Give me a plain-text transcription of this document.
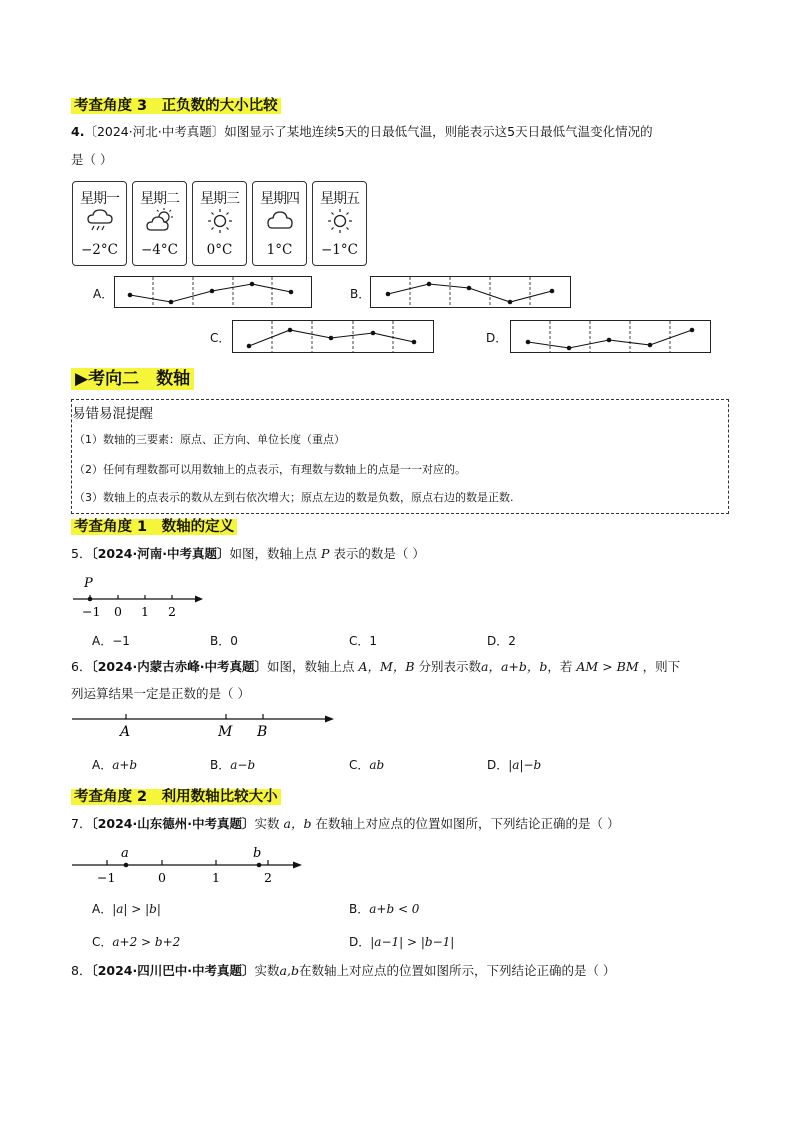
考查角度 3　 正负数的大小比较
4.〔2024·河北·中考真题〕如图显示了某地连续5天的日最低气温，则能表示这5天日最低气温变化情况的
是（ ）
星期一
−2°C
星期二
−4°C
星期三
0°C
星期四
1°C
星期五
−1°C
A．	B．
C．	D．
▶考向二　数轴
易错易混提醒
（1）数轴的三要素：原点、正方向、单位长度（重点）
（2）任何有理数都可以用数轴上的点表示，有理数与数轴上的点是一一对应的。
（3）数轴上的点表示的数从左到右依次增大；原点左边的数是负数，原点右边的数是正数.
考查角度 1　 数轴的定义
5．〔2024·河南·中考真题〕如图，数轴上点 P 表示的数是（ ）
P
−1 0 1 2
A．−1	B．0	C．1	D．2
6．〔2024·内蒙古赤峰·中考真题〕如图，数轴上点 A，M，B 分别表示数a，a+b，b，若 AM > BM ，则下
列运算结果一定是正数的是（ ）
A	M B
A．a+b	B．a−b	C．ab	D．|a|−b
考查角度 2　 利用数轴比较大小
7．〔2024·山东德州·中考真题〕实数 a，b 在数轴上对应点的位置如图所，下列结论正确的是（ ）
a	b
−1	0	1	2
A．|a| > |b|	B．a+b < 0
C．a+2 > b+2	D．|a−1| > |b−1|
8．〔2024·四川巴中·中考真题〕实数a,b在数轴上对应点的位置如图所示，下列结论正确的是（ ）
